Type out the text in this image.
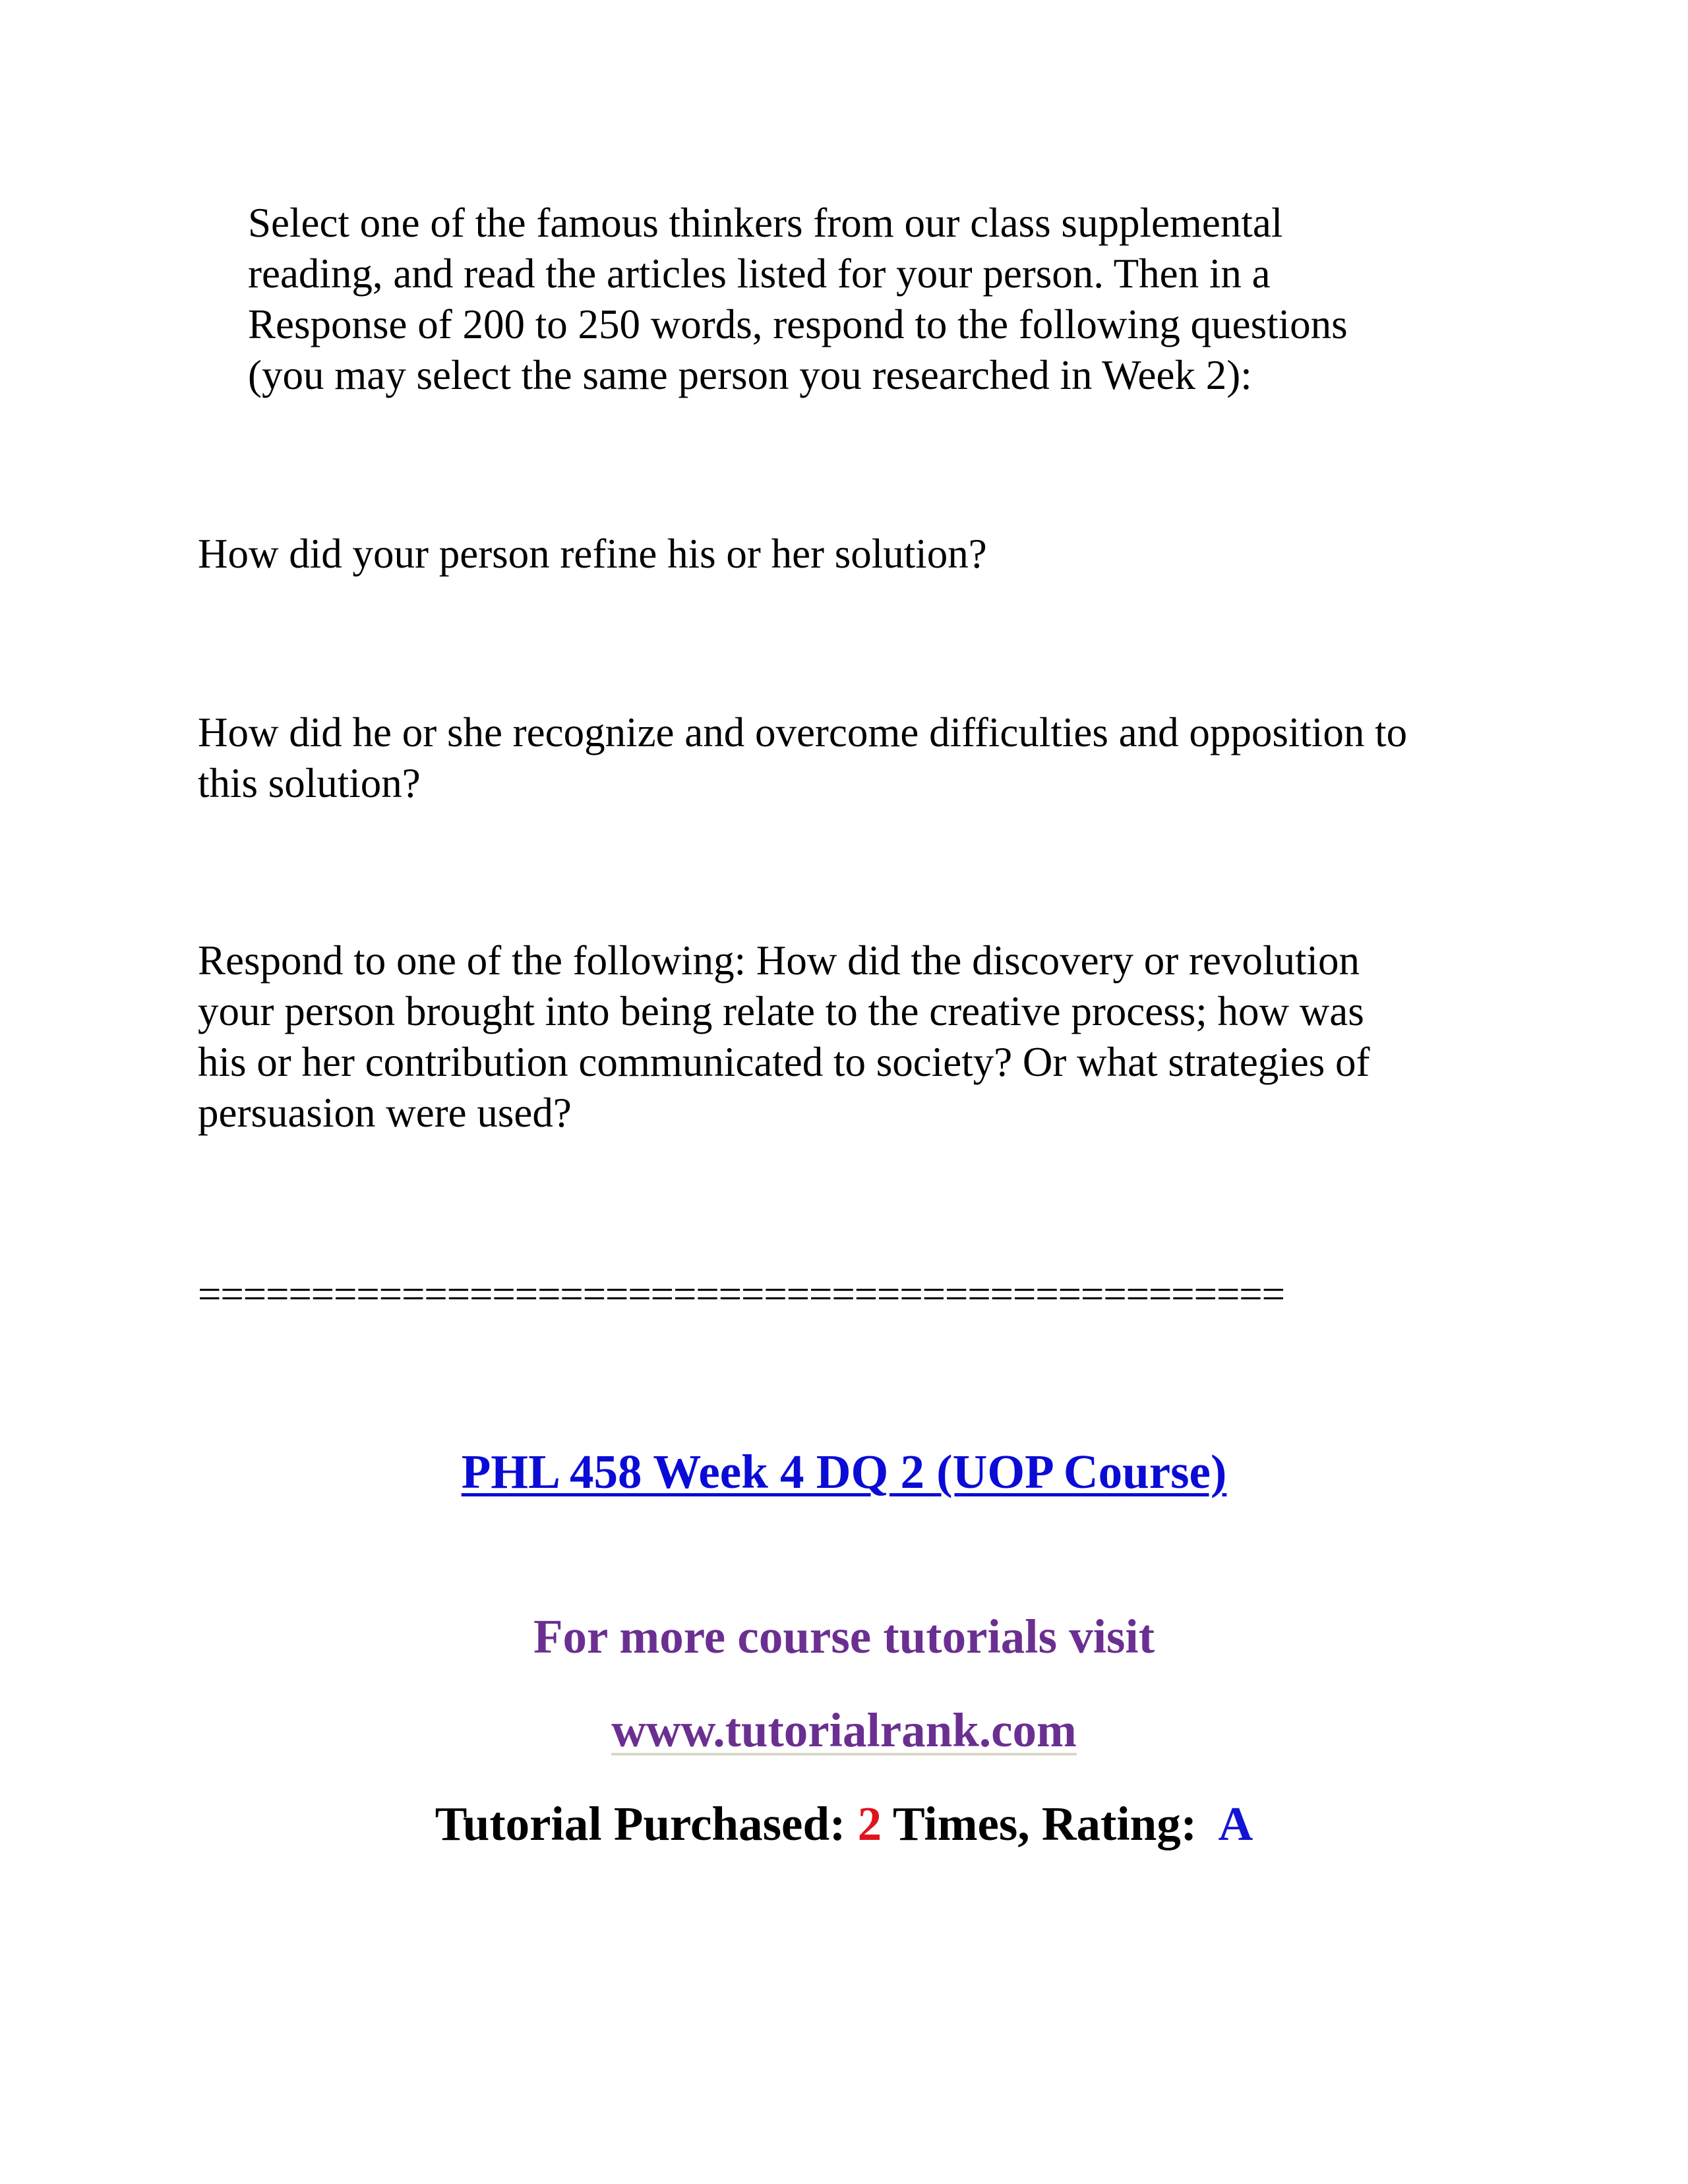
Select one of the famous thinkers from our class supplemental
reading, and read the articles listed for your person. Then in a
Response of 200 to 250 words, respond to the following questions
(you may select the same person you researched in Week 2):

How did your person refine his or her solution?

How did he or she recognize and overcome difficulties and opposition to
this solution?

Respond to one of the following: How did the discovery or revolution
your person brought into being relate to the creative process; how was
his or her contribution communicated to society? Or what strategies of
persuasion were used?

================================================
PHL 458 Week 4 DQ 2 (UOP Course)
For more course tutorials visit
www.tutorialrank.com
Tutorial Purchased: 2 Times, Rating:  A
